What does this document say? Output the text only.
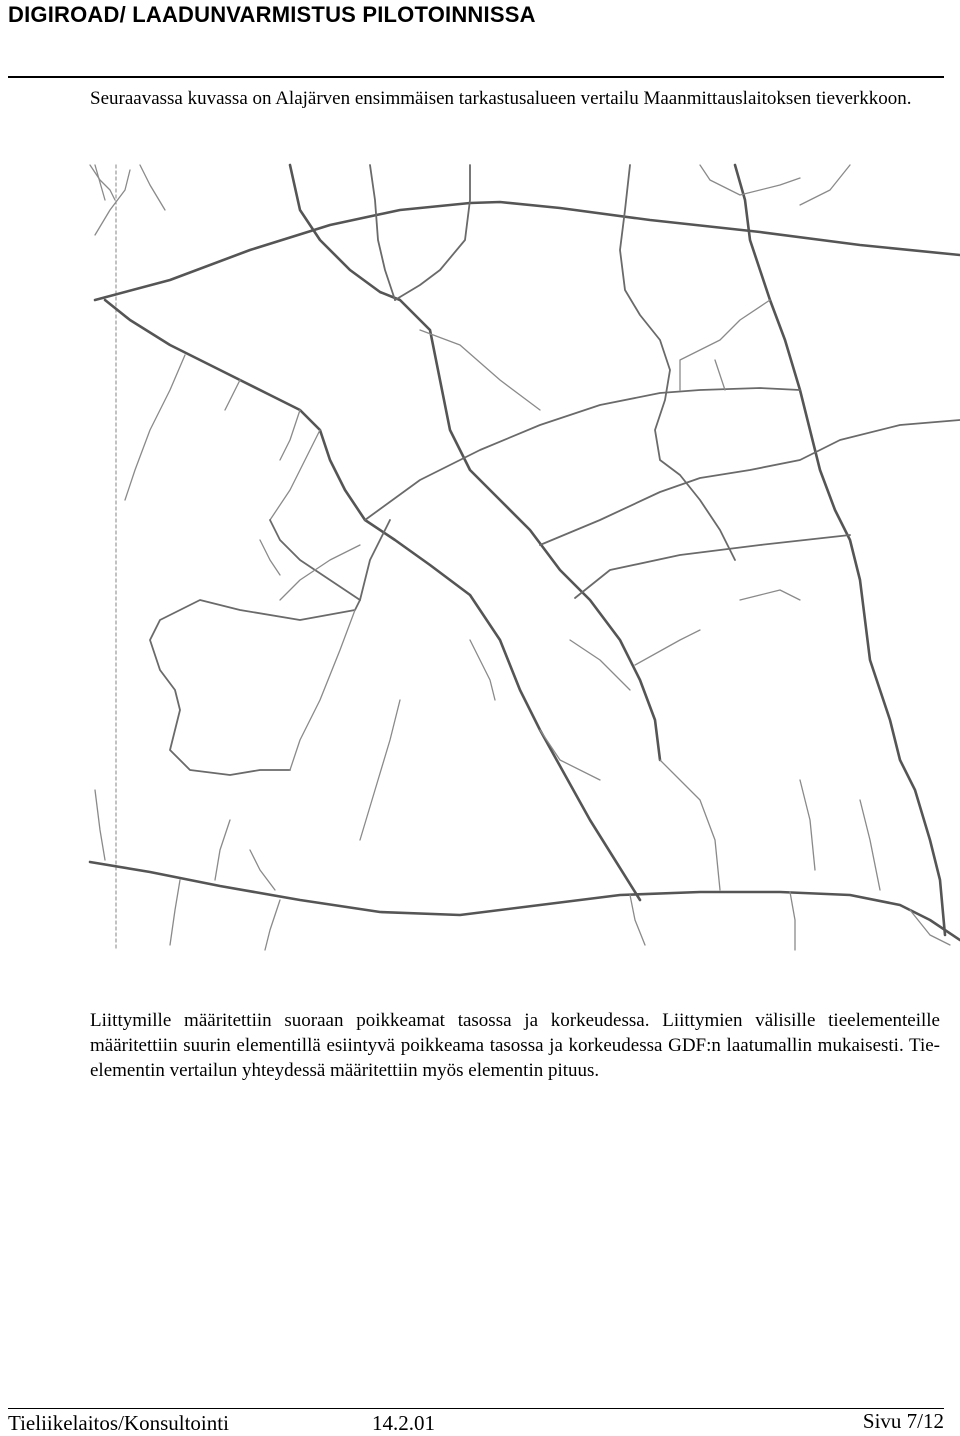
DIGIROAD/ LAADUNVARMISTUS PILOTOINNISSA

Seuraavassa kuvassa on Alajärven ensimmäisen tarkastusalueen vertailu Maanmittauslaitoksen tieverkkoon.

Liittymille määritettiin suoraan poikkeamat tasossa ja korkeudessa. Liittymien välisille tieelementeille määritettiin suurin elementillä esiintyvä poikkeama tasossa ja korkeudessa GDF:n laatumallin mukaisesti. Tie-elementin vertailun yhteydessä määritettiin myös elementin pituus.

Tieliikelaitos/Konsultointi	14.2.01	Sivu 7/12
